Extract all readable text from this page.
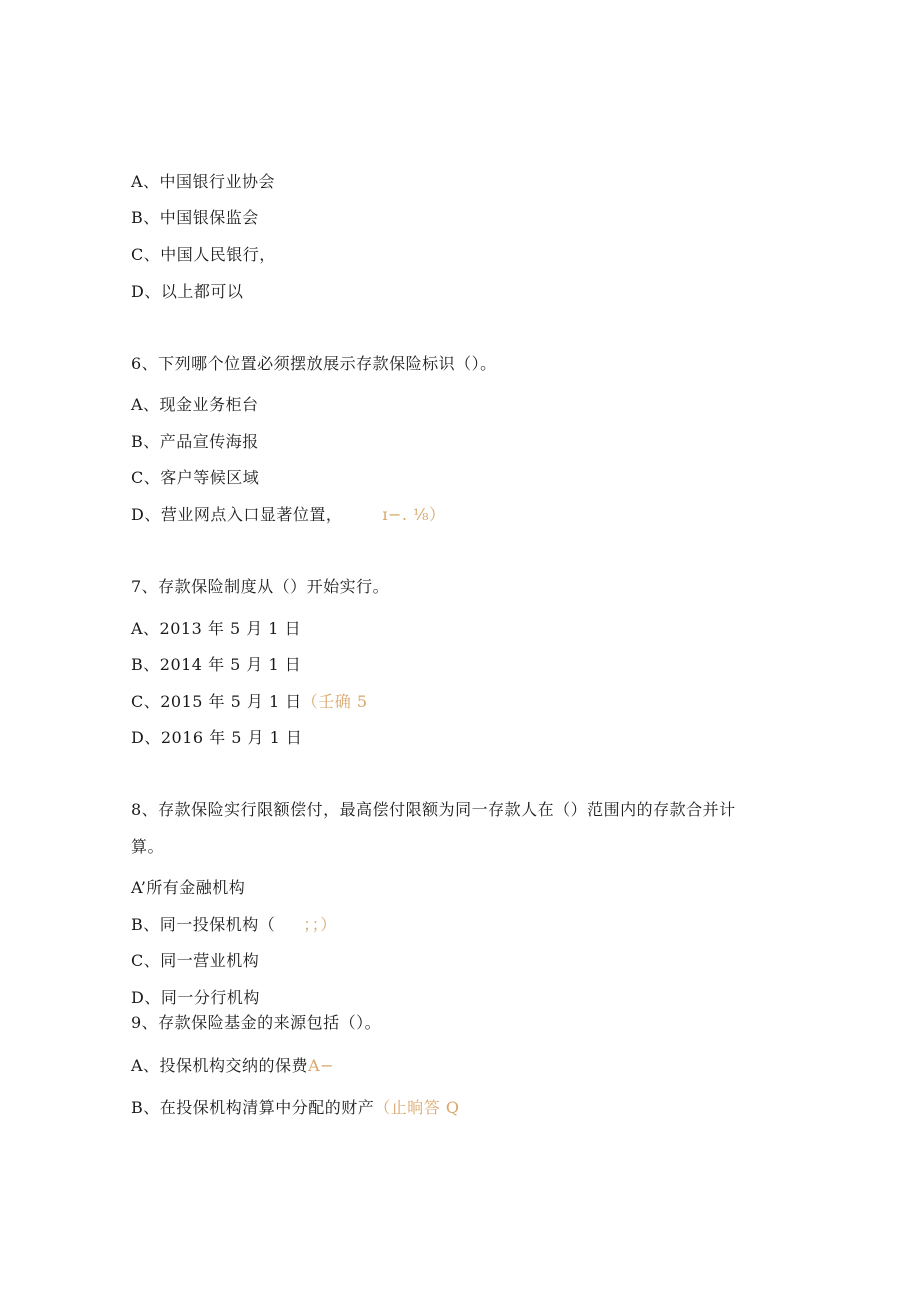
A、中国银行业协会
B、中国银保监会
C、中国人民银行，
D、以上都可以
6、下列哪个位置必须摆放展示存款保险标识（）。
A、现金业务柜台
B、产品宣传海报
C、客户等候区域
D、营业网点入口显著位置，	ɪ−. ⅛）
7、存款保险制度从（）开始实行。
A、2013 年 5 月 1 日
B、2014 年 5 月 1 日
C、2015 年 5 月 1 日（壬确 5
D、2016 年 5 月 1 日
8、存款保险实行限额偿付，最高偿付限额为同一存款人在（）范围内的存款合并计
算。
A’所有金融机构
B、同一投保机构（ ；；）
C、同一营业机构
D、同一分行机构
9、存款保险基金的来源包括（）。
A、投保机构交纳的保费A−
B、在投保机构清算中分配的财产（止晌答 Q
